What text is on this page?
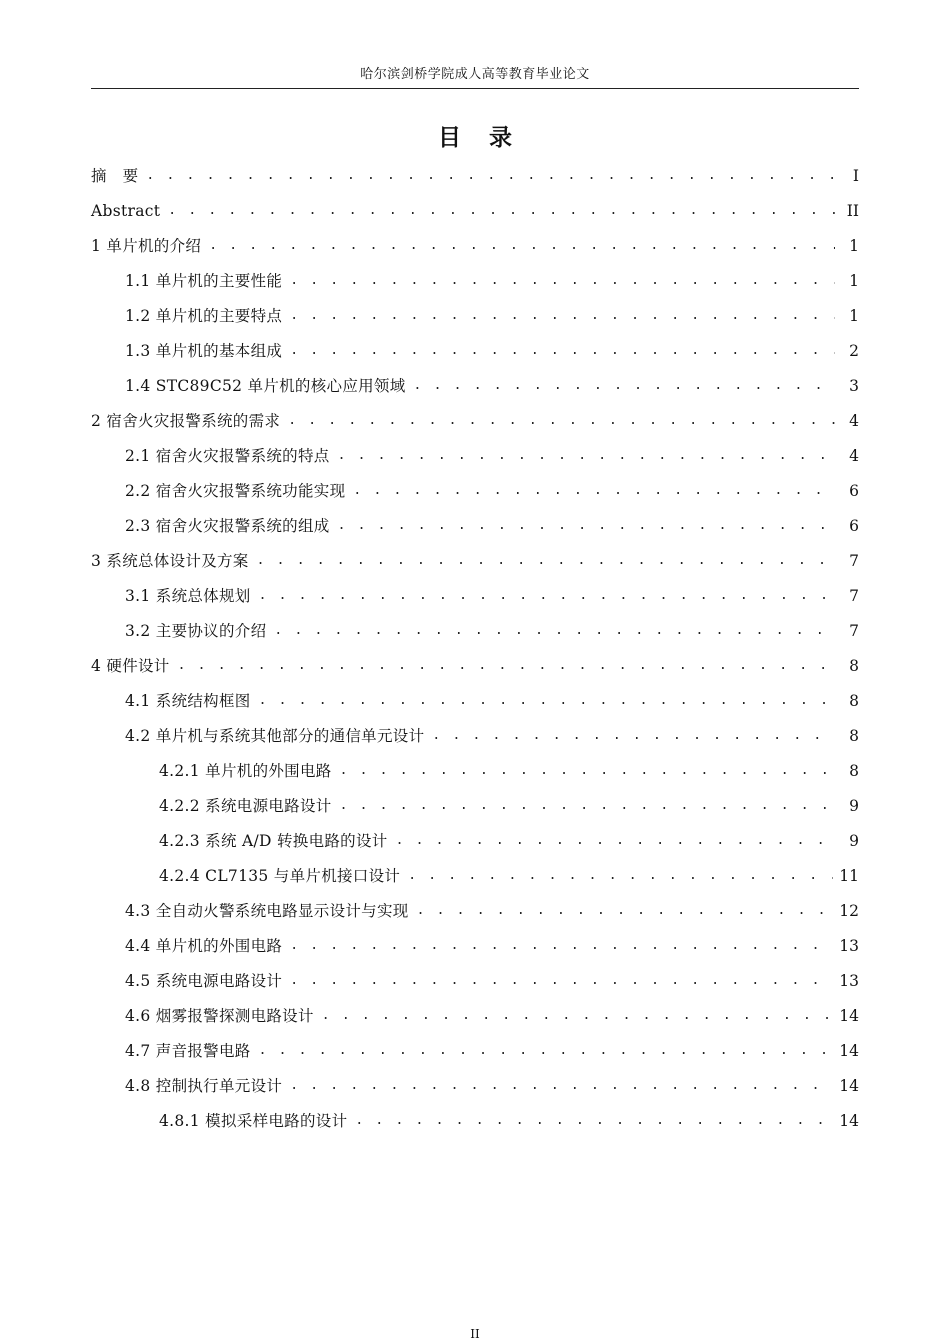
哈尔滨剑桥学院成人高等教育毕业论文
目录
摘　要 . . .	I
Abstract . . .	II
1 单片机的介绍 . . .	1
1.1 单片机的主要性能 . . .	1
1.2 单片机的主要特点 . . .	1
1.3 单片机的基本组成 . . .	2
1.4 STC89C52 单片机的核心应用领域 . . .	3
2 宿舍火灾报警系统的需求 . . .	4
2.1 宿舍火灾报警系统的特点 . . .	4
2.2 宿舍火灾报警系统功能实现 . . .	6
2.3 宿舍火灾报警系统的组成 . . .	6
3 系统总体设计及方案 . . .	7
3.1 系统总体规划 . . .	7
3.2 主要协议的介绍 . . .	7
4 硬件设计 . . .	8
4.1 系统结构框图 . . .	8
4.2 单片机与系统其他部分的通信单元设计 . . .	8
4.2.1 单片机的外围电路 . . .	8
4.2.2 系统电源电路设计 . . .	9
4.2.3 系统 A/D 转换电路的设计 . . .	9
4.2.4 CL7135 与单片机接口设计 . . .	11
4.3 全自动火警系统电路显示设计与实现 . . .	12
4.4 单片机的外围电路 . . .	13
4.5 系统电源电路设计 . . .	13
4.6 烟雾报警探测电路设计 . . .	14
4.7 声音报警电路 . . .	14
4.8 控制执行单元设计 . . .	14
4.8.1 模拟采样电路的设计 . . .	14
II
